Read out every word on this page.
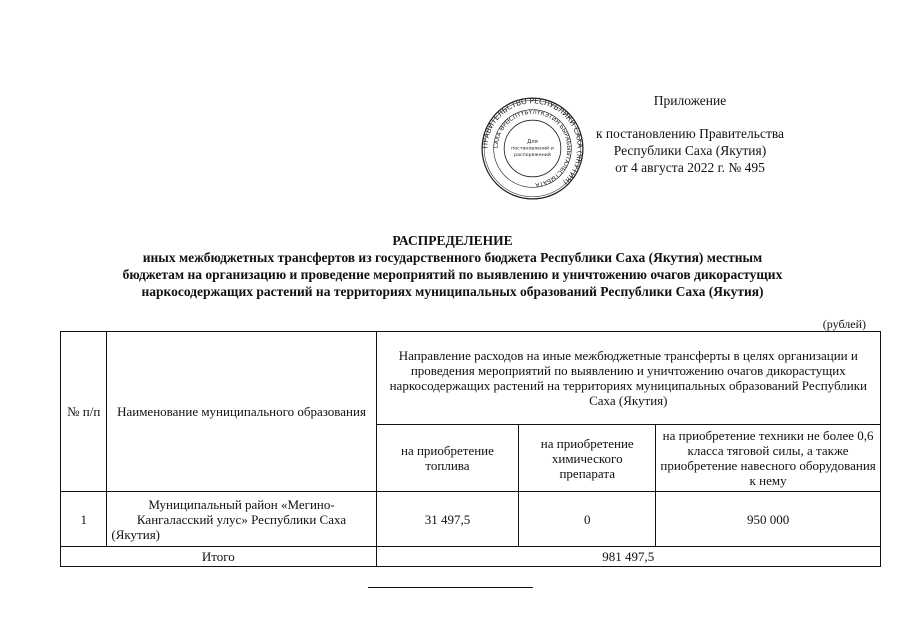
Приложение
к постановлению Правительства
Республики Саха (Якутия)
от 4 августа 2022 г. № 495
ПРАВИТЕЛЬСТВО РЕСПУБЛИКИ САХА (ЯКУТИЯ)
САХА ӨРӨСПҮҮБҮЛҮКЭТИН БЫРАБЫЫТАЛЬСТЫБАТА
Для
постановлений и
распоряжений
РАСПРЕДЕЛЕНИЕ
иных межбюджетных трансфертов из государственного бюджета Республики Саха (Якутия) местным
бюджетам на организацию и проведение мероприятий по выявлению и уничтожению очагов дикорастущих
наркосодержащих растений на территориях муниципальных образований Республики Саха (Якутия)
(рублей)
№ п/п	Наименование муниципального образования	Направление расходов на иные межбюджетные трансферты в целях организации и проведения мероприятий по выявлению и уничтожению очагов дикорастущих наркосодержащих растений на территориях муниципальных образований Республики Саха (Якутия)		
		на приобретение топлива	на приобретение химического препарата	на приобретение техники не более 0,6 класса тяговой силы, а также приобретение навесного оборудования к нему
1	Муниципальный район «Мегино-Кангаласский улус» Республики Саха (Якутия)	31 497,5	0	950 000
Итого		981 497,5		
